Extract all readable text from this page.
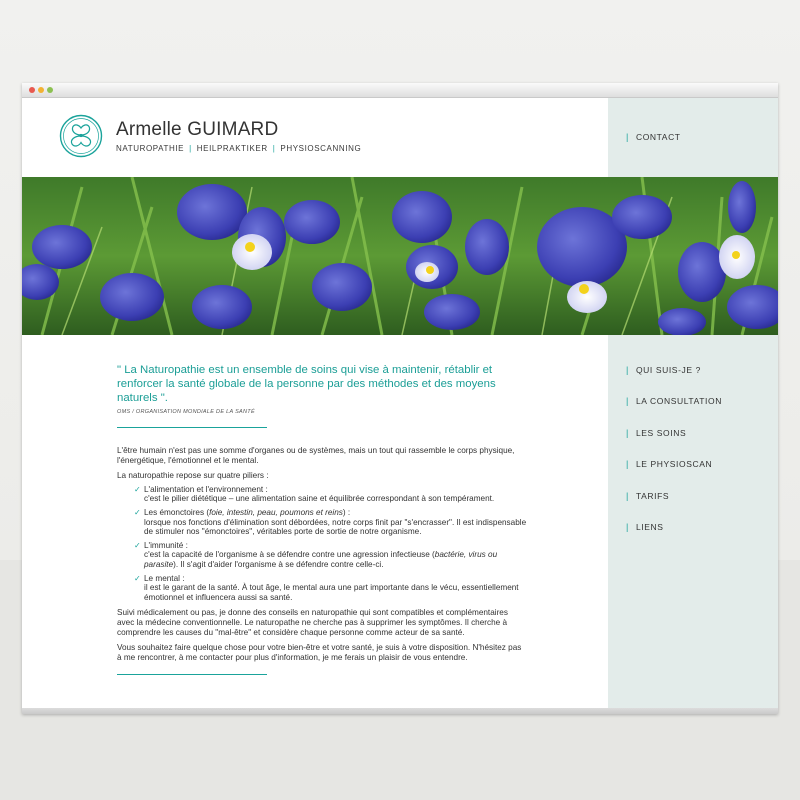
Armelle GUIMARD
NATUROPATHIE | HEILPRAKTIKER | PHYSIOSCANNING
| CONTACT
| QUI SUIS-JE ?
| LA CONSULTATION
| LES SOINS
| LE PHYSIOSCAN
| TARIFS
| LIENS

" La Naturopathie est un ensemble de soins qui vise à maintenir, rétablir et renforcer la santé globale de la personne par des méthodes et des moyens naturels ".

OMS / ORGANISATION MONDIALE DE LA SANTÉ

L'être humain n'est pas une somme d'organes ou de systèmes, mais un tout qui rassemble le corps physique, l'énergétique, l'émotionnel et le mental.

La naturopathie repose sur quatre piliers :

✓ L'alimentation et l'environnement :
c'est le pilier diététique – une alimentation saine et équilibrée correspondant à son tempérament.
✓ Les émonctoires (foie, intestin, peau, poumons et reins) :
lorsque nos fonctions d'élimination sont débordées, notre corps finit par "s'encrasser". Il est indispensable de stimuler nos "émonctoires", véritables porte de sortie de notre organisme.
✓ L'immunité :
c'est la capacité de l'organisme à se défendre contre une agression infectieuse (bactérie, virus ou parasite). Il s'agit d'aider l'organisme à se défendre contre celle-ci.
✓ Le mental :
il est le garant de la santé. À tout âge, le mental aura une part importante dans le vécu, essentiellement émotionnel et influencera aussi sa santé.

Suivi médicalement ou pas, je donne des conseils en naturopathie qui sont compatibles et complémentaires avec la médecine conventionnelle. Le naturopathe ne cherche pas à supprimer les symptômes. Il cherche à comprendre les causes du "mal-être" et considère chaque personne comme acteur de sa santé.

Vous souhaitez faire quelque chose pour votre bien-être et votre santé, je suis à votre disposition. N'hésitez pas à me rencontrer, à me contacter pour plus d'information, je me ferais un plaisir de vous entendre.
